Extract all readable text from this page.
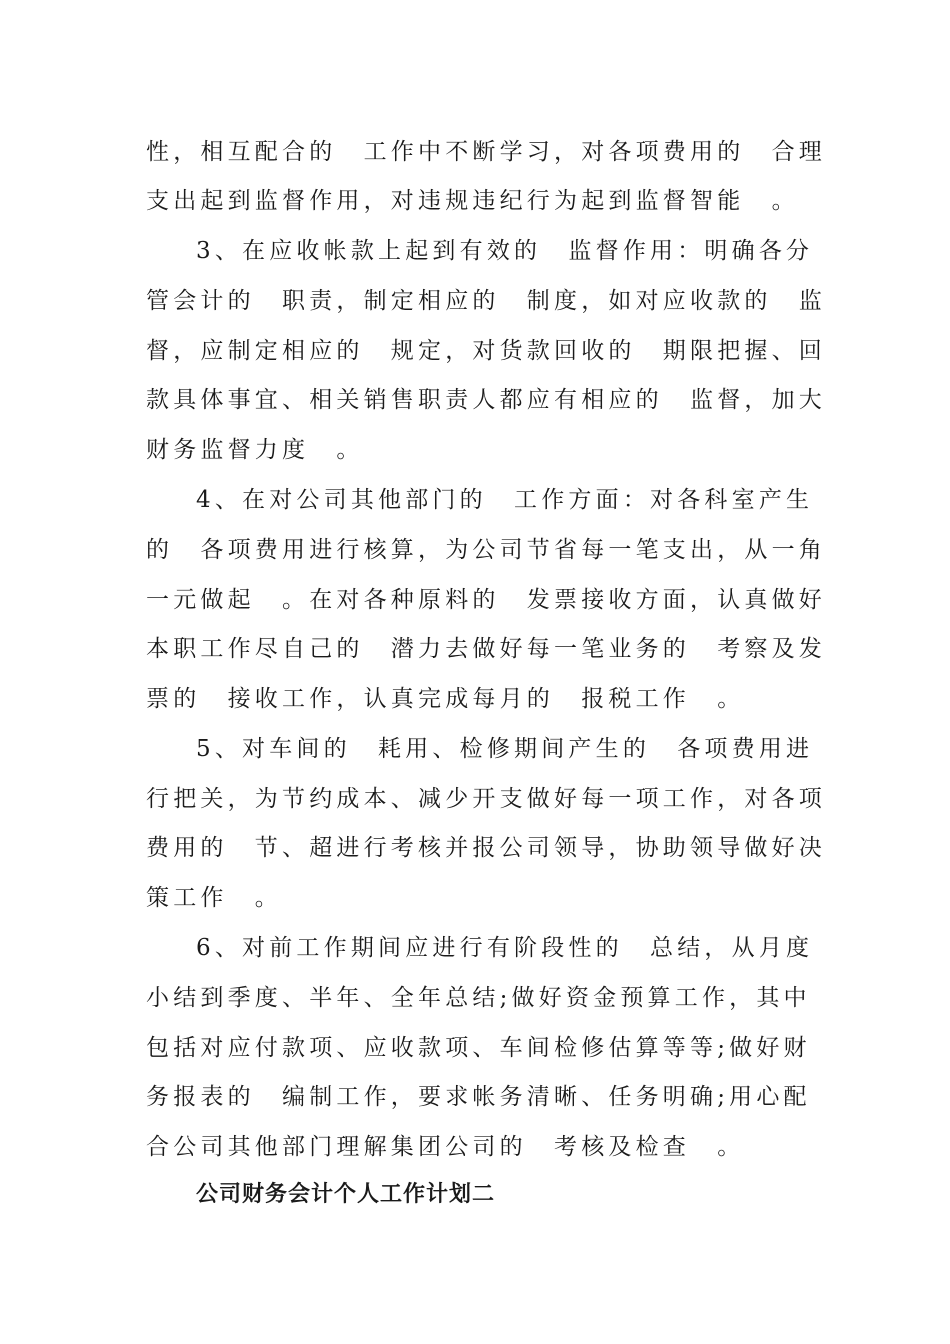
性，相互配合的　工作中不断学习，对各项费用的　合理
支出起到监督作用，对违规违纪行为起到监督智能　。
3、在应收帐款上起到有效的　监督作用：明确各分
管会计的　职责，制定相应的　制度，如对应收款的　监
督，应制定相应的　规定，对货款回收的　期限把握、回
款具体事宜、相关销售职责人都应有相应的　监督，加大
财务监督力度　。
4、在对公司其他部门的　工作方面：对各科室产生
的　各项费用进行核算，为公司节省每一笔支出，从一角
一元做起　。在对各种原料的　发票接收方面，认真做好
本职工作尽自己的　潜力去做好每一笔业务的　考察及发
票的　接收工作，认真完成每月的　报税工作　。
5、对车间的　耗用、检修期间产生的　各项费用进
行把关，为节约成本、减少开支做好每一项工作，对各项
费用的　节、超进行考核并报公司领导，协助领导做好决
策工作　。
6、对前工作期间应进行有阶段性的　总结，从月度
小结到季度、半年、全年总结;做好资金预算工作，其中
包括对应付款项、应收款项、车间检修估算等等;做好财
务报表的　编制工作，要求帐务清晰、任务明确;用心配
合公司其他部门理解集团公司的　考核及检查　。
公司财务会计个人工作计划二
